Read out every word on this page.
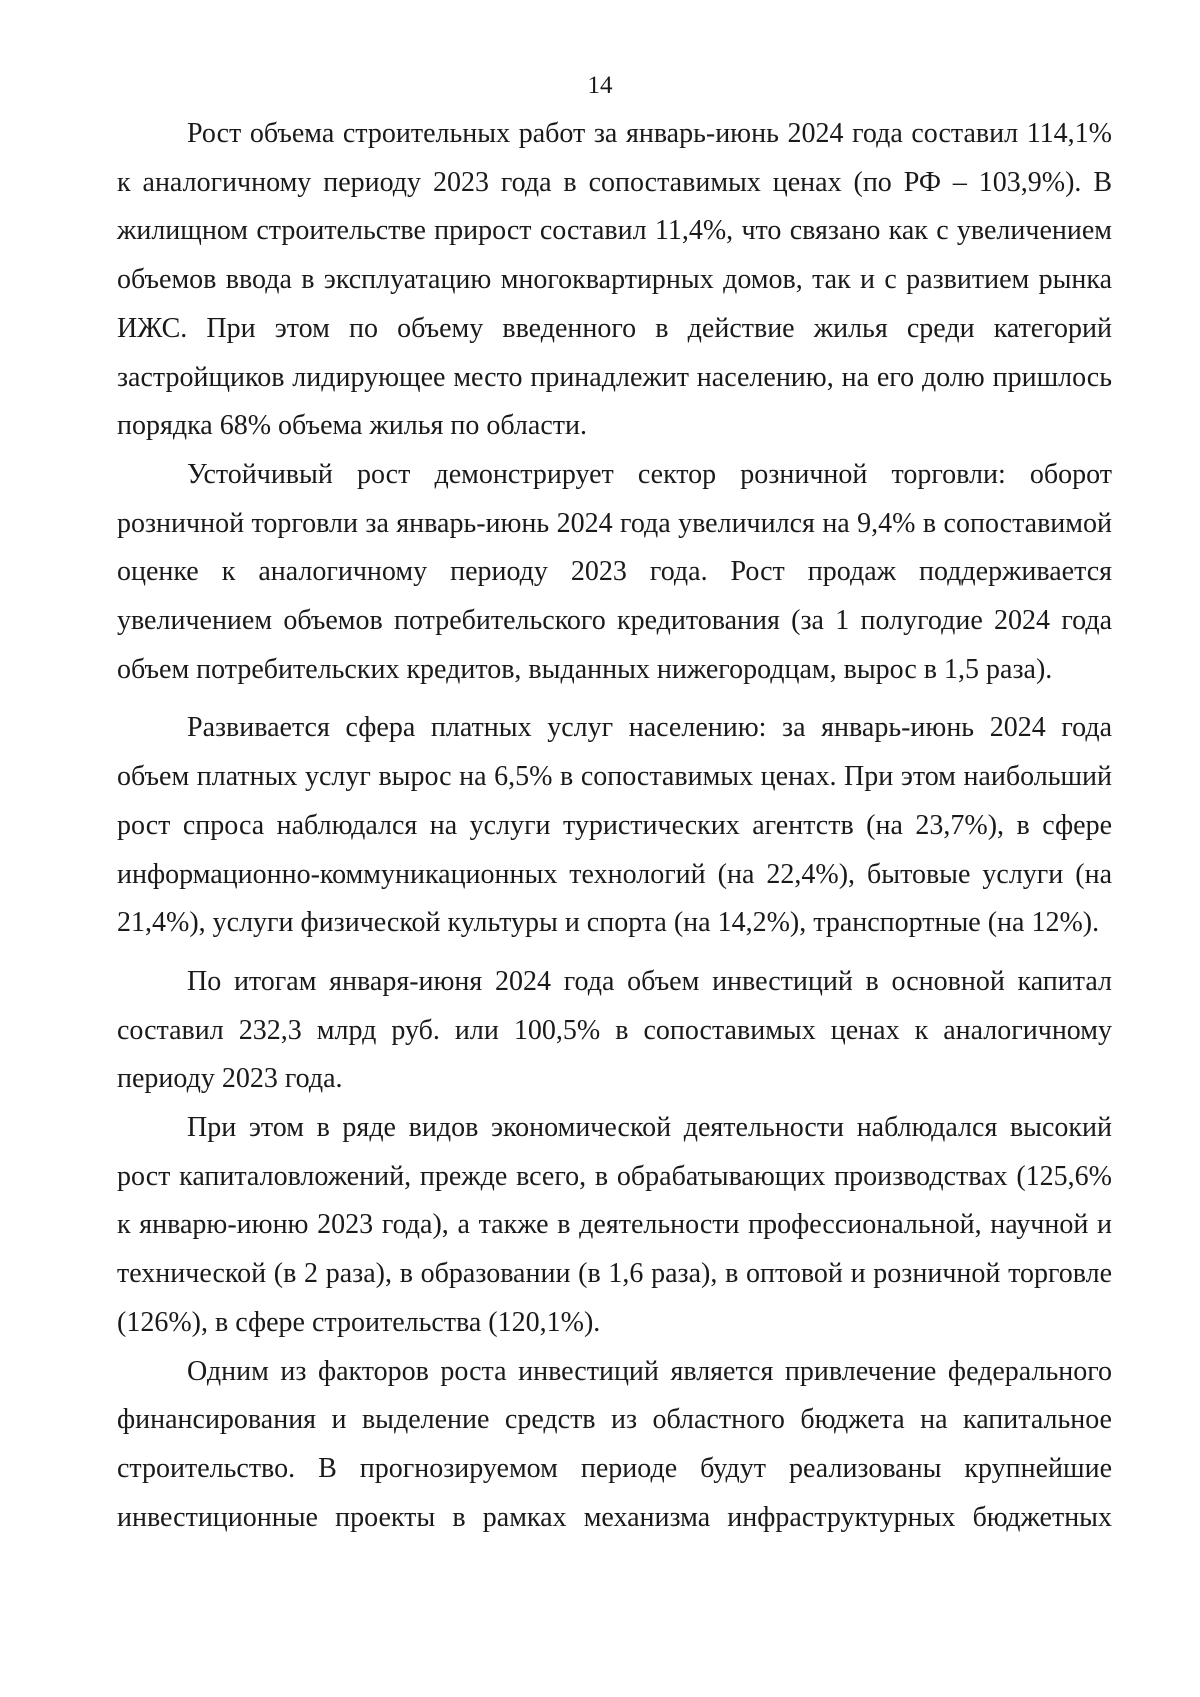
14

Рост объема строительных работ за январь-июнь 2024 года составил 114,1% к аналогичному периоду 2023 года в сопоставимых ценах (по РФ – 103,9%). В жилищном строительстве прирост составил 11,4%, что связано как с увеличением объемов ввода в эксплуатацию многоквартирных домов, так и с развитием рынка ИЖС. При этом по объему введенного в действие жилья среди категорий застройщиков лидирующее место принадлежит населению, на его долю пришлось порядка 68% объема жилья по области.

Устойчивый рост демонстрирует сектор розничной торговли: оборот розничной торговли за январь-июнь 2024 года увеличился на 9,4% в сопоставимой оценке к аналогичному периоду 2023 года. Рост продаж поддерживается увеличением объемов потребительского кредитования (за 1 полугодие 2024 года объем потребительских кредитов, выданных нижегородцам, вырос в 1,5 раза).

Развивается сфера платных услуг населению: за январь-июнь 2024 года объем платных услуг вырос на 6,5% в сопоставимых ценах. При этом наибольший рост спроса наблюдался на услуги туристических агентств (на 23,7%), в сфере информационно-коммуникационных технологий (на 22,4%), бытовые услуги (на 21,4%), услуги физической культуры и спорта (на 14,2%), транспортные (на 12%).

По итогам января-июня 2024 года объем инвестиций в основной капитал составил 232,3 млрд руб. или 100,5% в сопоставимых ценах к аналогичному периоду 2023 года.

При этом в ряде видов экономической деятельности наблюдался высокий рост капиталовложений, прежде всего, в обрабатывающих производствах (125,6% к январю-июню 2023 года), а также в деятельности профессиональной, научной и технической (в 2 раза), в образовании (в 1,6 раза), в оптовой и розничной торговле (126%), в сфере строительства (120,1%).

Одним из факторов роста инвестиций является привлечение федерального финансирования и выделение средств из областного бюджета на капитальное строительство. В прогнозируемом периоде будут реализованы крупнейшие инвестиционные проекты в рамках механизма инфраструктурных бюджетных
